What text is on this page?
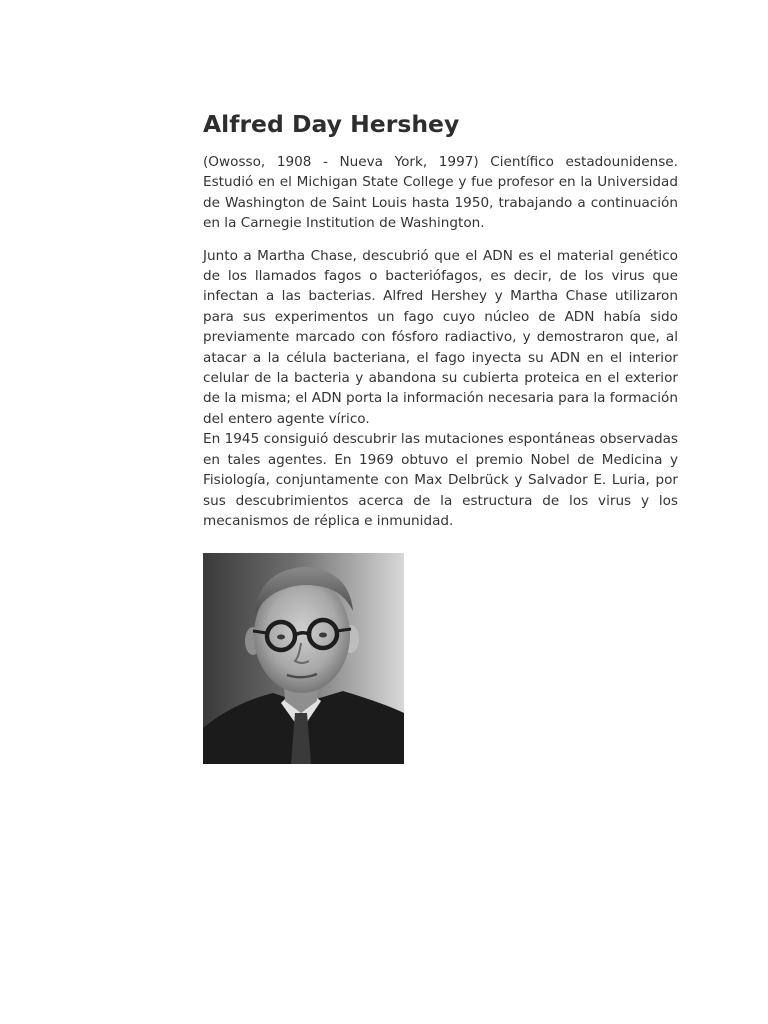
Alfred Day Hershey

(Owosso, 1908 - Nueva York, 1997) Científico estadounidense. Estudió en el Michigan State College y fue profesor en la Universidad de Washington de Saint Louis hasta 1950, trabajando a continuación en la Carnegie Institution de Washington.

Junto a Martha Chase, descubrió que el ADN es el material genético de los llamados fagos o bacteriófagos, es decir, de los virus que infectan a las bacterias. Alfred Hershey y Martha Chase utilizaron para sus experimentos un fago cuyo núcleo de ADN había sido previamente marcado con fósforo radiactivo, y demostraron que, al atacar a la célula bacteriana, el fago inyecta su ADN en el interior celular de la bacteria y abandona su cubierta proteica en el exterior de la misma; el ADN porta la información necesaria para la formación del entero agente vírico.

En 1945 consiguió descubrir las mutaciones espontáneas observadas en tales agentes. En 1969 obtuvo el premio Nobel de Medicina y Fisiología, conjuntamente con Max Delbrück y Salvador E. Luria, por sus descubrimientos acerca de la estructura de los virus y los mecanismos de réplica e inmunidad.
